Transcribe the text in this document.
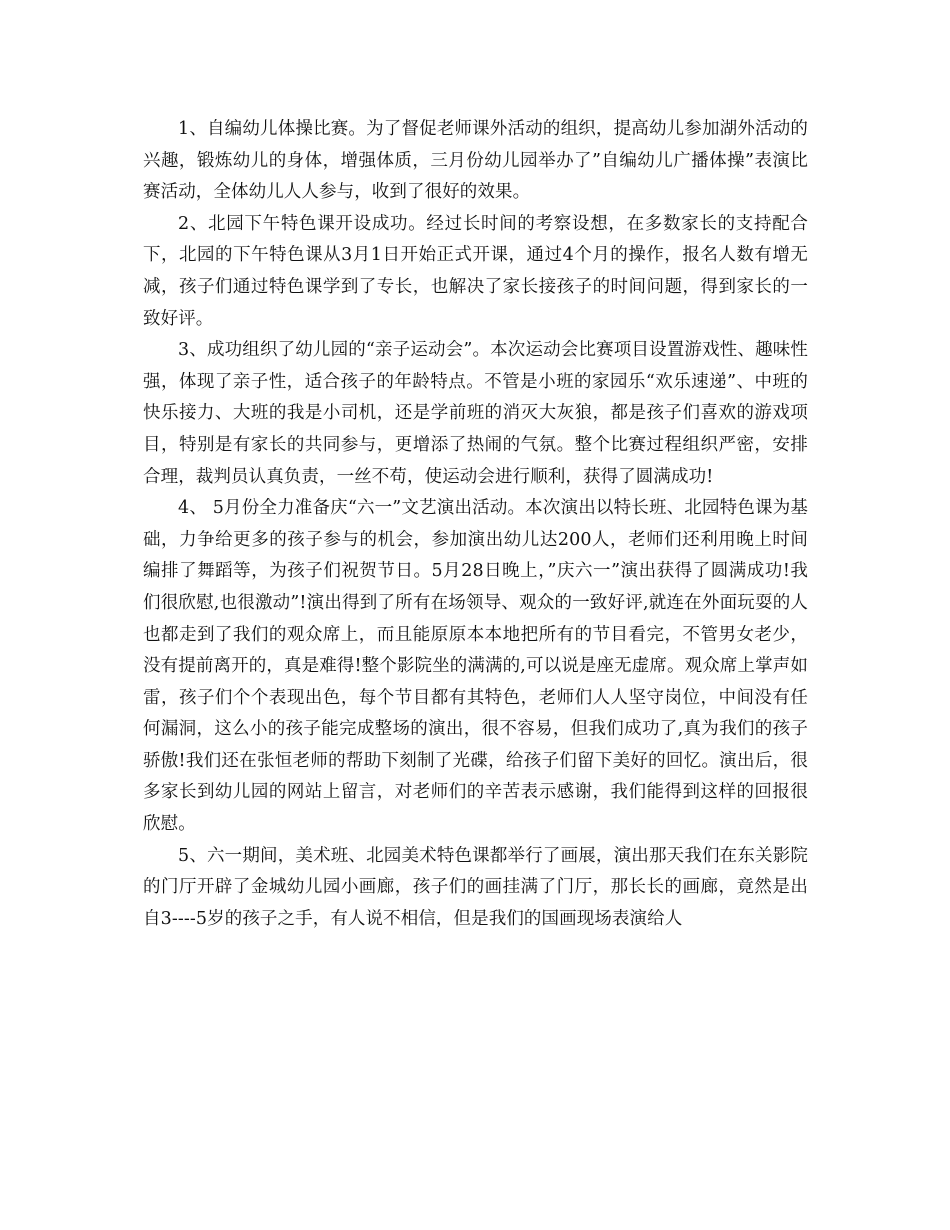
1、自编幼儿体操比赛。为了督促老师课外活动的组织，提高幼儿参加湖外活动的兴趣，锻炼幼儿的身体，增强体质，三月份幼儿园举办了”自编幼儿广播体操”表演比赛活动，全体幼儿人人参与，收到了很好的效果。

2、北园下午特色课开设成功。经过长时间的考察设想，在多数家长的支持配合下，北园的下午特色课从3月1日开始正式开课，通过4个月的操作，报名人数有增无减，孩子们通过特色课学到了专长，也解决了家长接孩子的时间问题，得到家长的一致好评。

3、成功组织了幼儿园的“亲子运动会”。本次运动会比赛项目设置游戏性、趣味性强，体现了亲子性，适合孩子的年龄特点。不管是小班的家园乐“欢乐速递”、中班的快乐接力、大班的我是小司机，还是学前班的消灭大灰狼，都是孩子们喜欢的游戏项目，特别是有家长的共同参与，更增添了热闹的气氛。整个比赛过程组织严密，安排合理，裁判员认真负责，一丝不苟，使运动会进行顺利，获得了圆满成功!

4、 5月份全力准备庆“六一”文艺演出活动。本次演出以特长班、北园特色课为基础，力争给更多的孩子参与的机会，参加演出幼儿达200人，老师们还利用晚上时间编排了舞蹈等，为孩子们祝贺节日。5月28日晚上，”庆六一”演出获得了圆满成功!我们很欣慰,也很激动”!演出得到了所有在场领导、观众的一致好评,就连在外面玩耍的人也都走到了我们的观众席上，而且能原原本本地把所有的节目看完，不管男女老少，没有提前离开的，真是难得!整个影院坐的满满的,可以说是座无虚席。观众席上掌声如雷，孩子们个个表现出色，每个节目都有其特色，老师们人人坚守岗位，中间没有任何漏洞，这么小的孩子能完成整场的演出，很不容易，但我们成功了,真为我们的孩子骄傲!我们还在张恒老师的帮助下刻制了光碟，给孩子们留下美好的回忆。演出后，很多家长到幼儿园的网站上留言，对老师们的辛苦表示感谢，我们能得到这样的回报很欣慰。

5、六一期间，美术班、北园美术特色课都举行了画展，演出那天我们在东关影院的门厅开辟了金城幼儿园小画廊，孩子们的画挂满了门厅，那长长的画廊，竟然是出自3----5岁的孩子之手，有人说不相信，但是我们的国画现场表演给人
